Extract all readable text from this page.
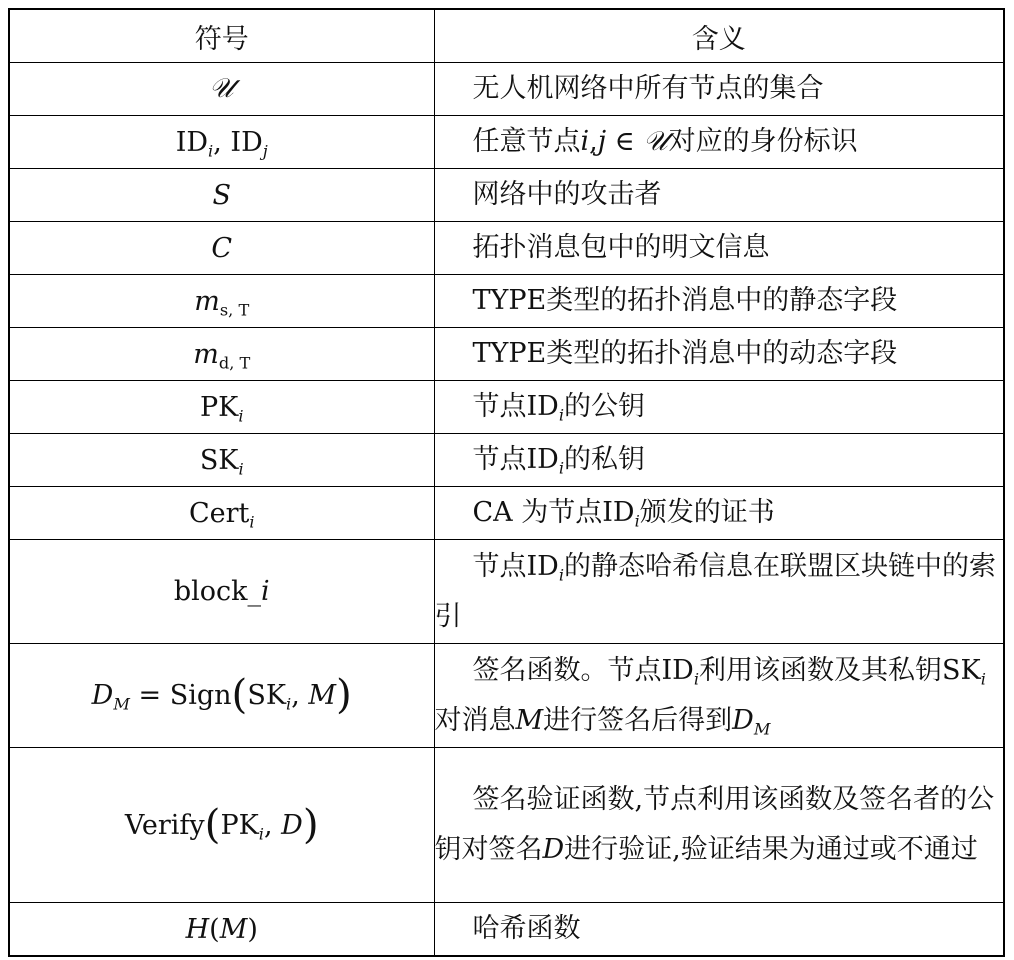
符号	含义
𝒰	无人机网络中所有节点的集合
$ID_i$, $ID_j$	任意节点i,j ∈ 𝒰对应的身份标识
S	网络中的攻击者
C	拓扑消息包中的明文信息
$m_{s, T}$	TYPE类型的拓扑消息中的静态字段
$m_{d, T}$	TYPE类型的拓扑消息中的动态字段
$PK_i$	节点$ID_i$的公钥
$SK_i$	节点$ID_i$的私钥
Cert$_i$	CA 为节点$ID_i$颁发的证书
block_i	节点$ID_i$的静态哈希信息在联盟区块链中的索引
$D_M$ = $Sign(SK_i$, M)	签名函数。节点$ID_i$利用该函数及其私钥$SK_i$对消息M进行签名后得到$D_M$
$Verify(PK_i$, D)	签名验证函数,节点利用该函数及签名者的公钥对签名D进行验证,验证结果为通过或不通过
H(M)	哈希函数
